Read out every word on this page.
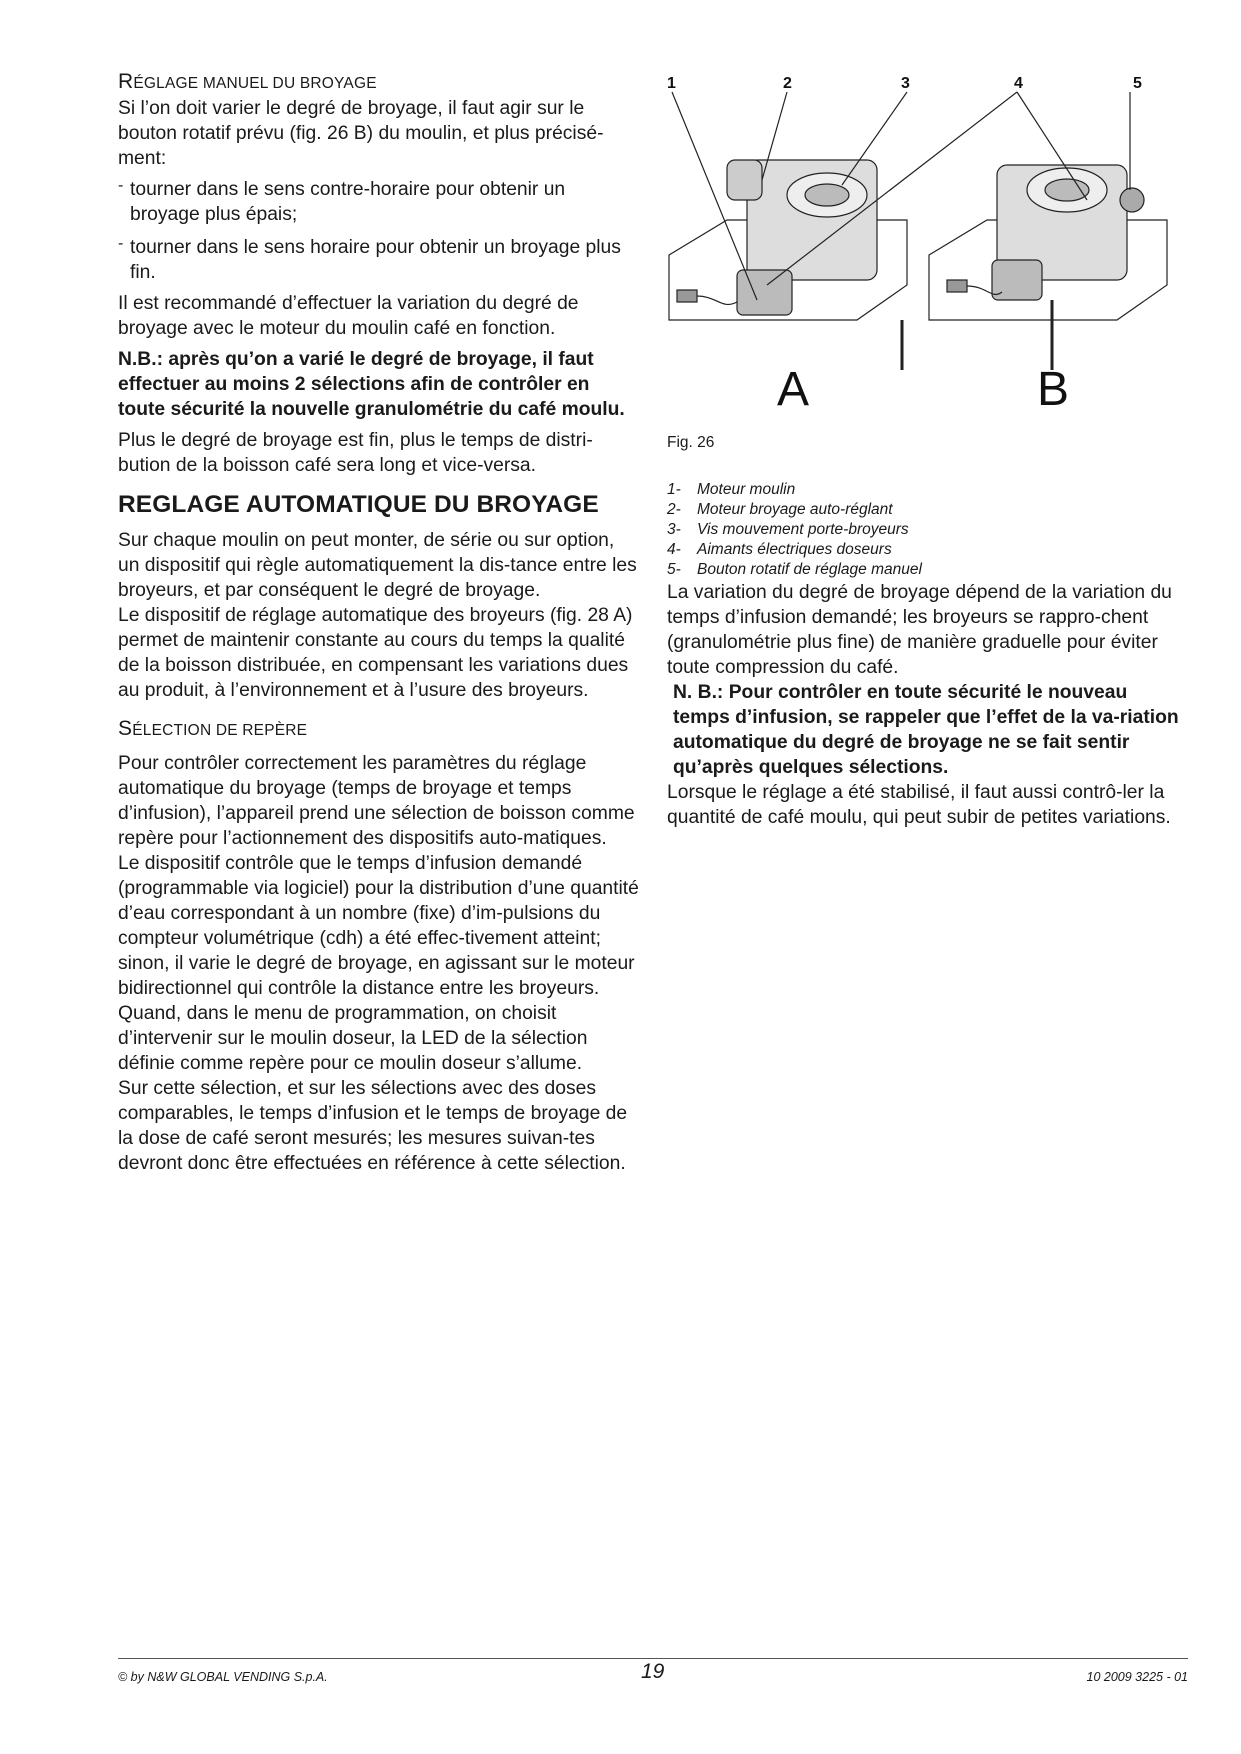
RÉGLAGE MANUEL DU BROYAGE

Si l’on doit varier le degré de broyage, il faut agir sur le bouton rotatif prévu (fig. 26 B) du moulin, et plus précisé-ment:

- tourner dans le sens contre-horaire pour obtenir un broyage plus épais;

- tourner dans le sens horaire pour obtenir un broyage plus fin.

Il est recommandé d’effectuer la variation du degré de broyage avec le moteur du moulin café en fonction.

N.B.: après qu’on a varié le degré de broyage, il faut effectuer au moins 2 sélections afin de contrôler en toute sécurité la nouvelle granulométrie du café moulu.

Plus le degré de broyage est fin, plus le temps de distri-bution de la boisson café sera long et vice-versa.

REGLAGE AUTOMATIQUE DU BROYAGE

Sur chaque moulin on peut monter, de série ou sur option, un dispositif qui règle automatiquement la dis-tance entre les broyeurs, et par conséquent le degré de broyage.

Le dispositif de réglage automatique des broyeurs (fig. 28 A) permet de maintenir constante au cours du temps la qualité de la boisson distribuée, en compensant les variations dues au produit, à l’environnement et à l’usure des broyeurs.

SÉLECTION DE REPÈRE

Pour contrôler correctement les paramètres du réglage automatique du broyage (temps de broyage et temps d’infusion), l’appareil prend une sélection de boisson comme repère pour l’actionnement des dispositifs auto-matiques.

Le dispositif contrôle que le temps d’infusion demandé (programmable via logiciel) pour la distribution d’une quantité d’eau correspondant à un nombre (fixe) d’im-pulsions du compteur volumétrique (cdh) a été effec-tivement atteint; sinon, il varie le degré de broyage, en agissant sur le moteur bidirectionnel qui contrôle la distance entre les broyeurs.

Quand, dans le menu de programmation, on choisit d’intervenir sur le moulin doseur, la LED de la sélection définie comme repère pour ce moulin doseur s’allume.

Sur cette sélection, et sur les sélections avec des doses comparables, le temps d’infusion et le temps de broyage de la dose de café seront mesurés; les mesures suivan-tes devront donc être effectuées en référence à cette sélection.

1	2	3	4	5
A	B
Fig. 26
1-	Moteur moulin
2-	Moteur broyage auto-réglant
3-	Vis mouvement porte-broyeurs
4-	Aimants électriques doseurs
5-	Bouton rotatif de réglage manuel

La variation du degré de broyage dépend de la variation du temps d’infusion demandé; les broyeurs se rappro-chent (granulométrie plus fine) de manière graduelle pour éviter toute compression du café.

N. B.: Pour contrôler en toute sécurité le nouveau temps d’infusion, se rappeler que l’effet de la va-riation automatique du degré de broyage ne se fait sentir qu’après quelques sélections.

Lorsque le réglage a été stabilisé, il faut aussi contrô-ler la quantité de café moulu, qui peut subir de petites variations.

© by N&W GLOBAL VENDING S.p.A.	19	10 2009 3225 - 01
